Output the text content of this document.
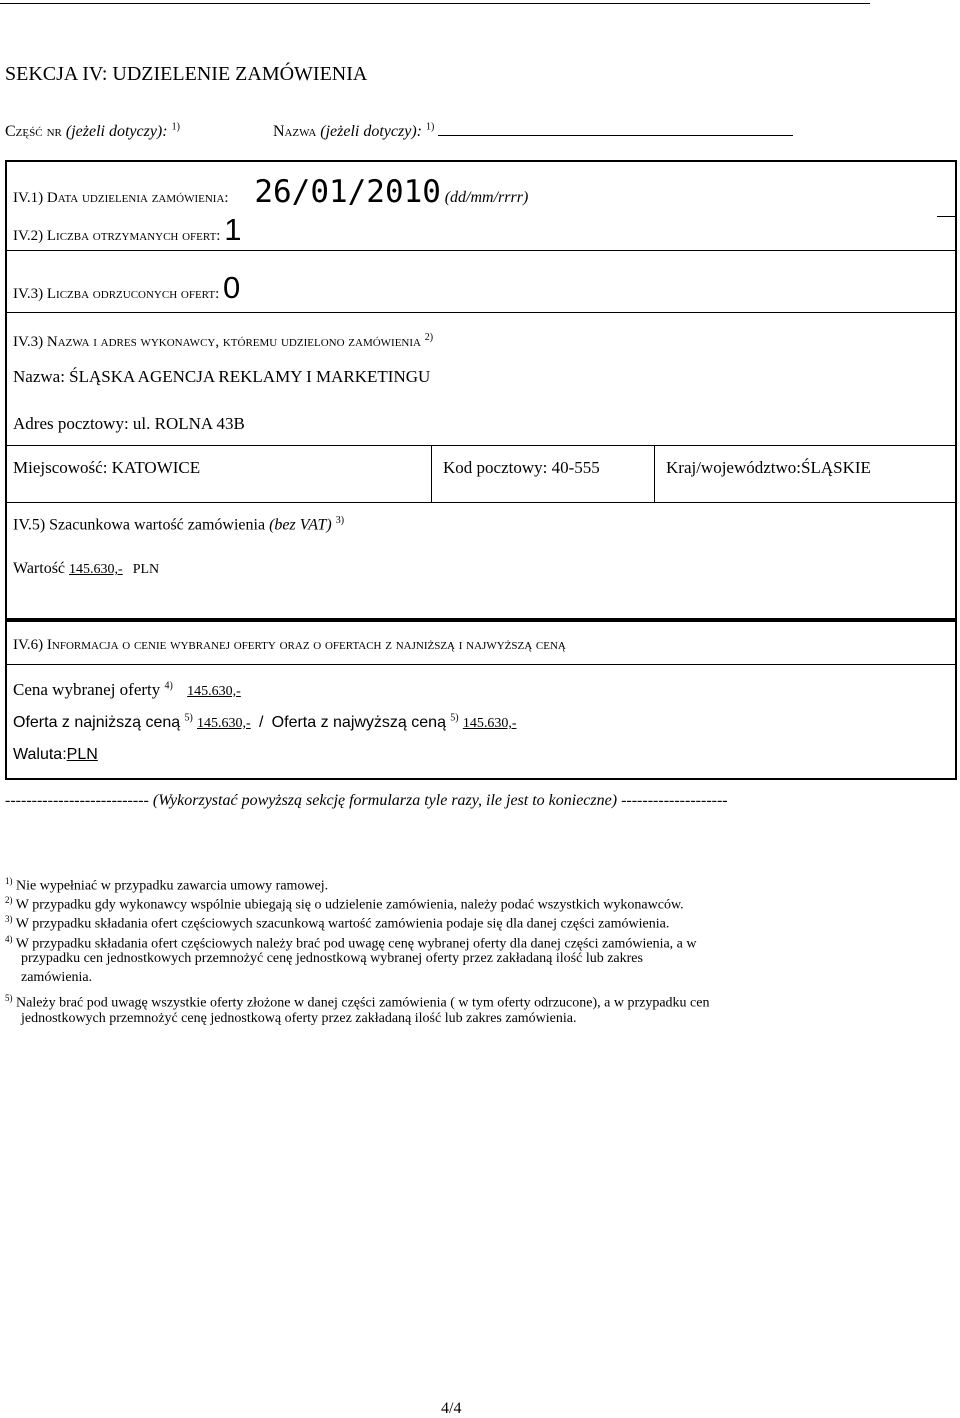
SEKCJA IV: UDZIELENIE ZAMÓWIENIA
Część nr (jeżeli dotyczy): $^{1)}$	Nazwa (jeżeli dotyczy): $^{1)}$
IV.1) Data udzielenia zamówienia: 26/01/2010 (dd/mm/rrrr)
IV.2) Liczba otrzymanych ofert: 1
IV.3) Liczba odrzuconych ofert: 0
IV.3) Nazwa i adres wykonawcy, któremu udzielono zamówienia $^{2)}$
Nazwa: ŚLĄSKA AGENCJA REKLAMY I MARKETINGU
Adres pocztowy: ul. ROLNA 43B
Miejscowość: KATOWICE	Kod pocztowy: 40-555	Kraj/województwo:ŚLĄSKIE
IV.5) Szacunkowa wartość zamówienia (bez VAT) $^{3)}$
Wartość 145.630,- PLN
IV.6) Informacja o cenie wybranej oferty oraz o ofertach z najniższą i najwyższą ceną
Cena wybranej oferty $^{4)}$ 145.630,-
Oferta z najniższą ceną $^{5)}$ 145.630,- / Oferta z najwyższą ceną $^{5)}$ 145.630,-
Waluta:PLN
--------------------------- (Wykorzystać powyższą sekcję formularza tyle razy, ile jest to konieczne) --------------------
$^{1)}$ Nie wypełniać w przypadku zawarcia umowy ramowej.
$^{2)}$ W przypadku gdy wykonawcy wspólnie ubiegają się o udzielenie zamówienia, należy podać wszystkich wykonawców.
$^{3)}$ W przypadku składania ofert częściowych szacunkową wartość zamówienia podaje się dla danej części zamówienia.
$^{4)}$ W przypadku składania ofert częściowych należy brać pod uwagę cenę wybranej oferty dla danej części zamówienia, a w
przypadku cen jednostkowych przemnożyć cenę jednostkową wybranej oferty przez zakładaną ilość lub zakres
zamówienia.
$^{5)}$ Należy brać pod uwagę wszystkie oferty złożone w danej części zamówienia ( w tym oferty odrzucone), a w przypadku cen
jednostkowych przemnożyć cenę jednostkową oferty przez zakładaną ilość lub zakres zamówienia.
4/4
